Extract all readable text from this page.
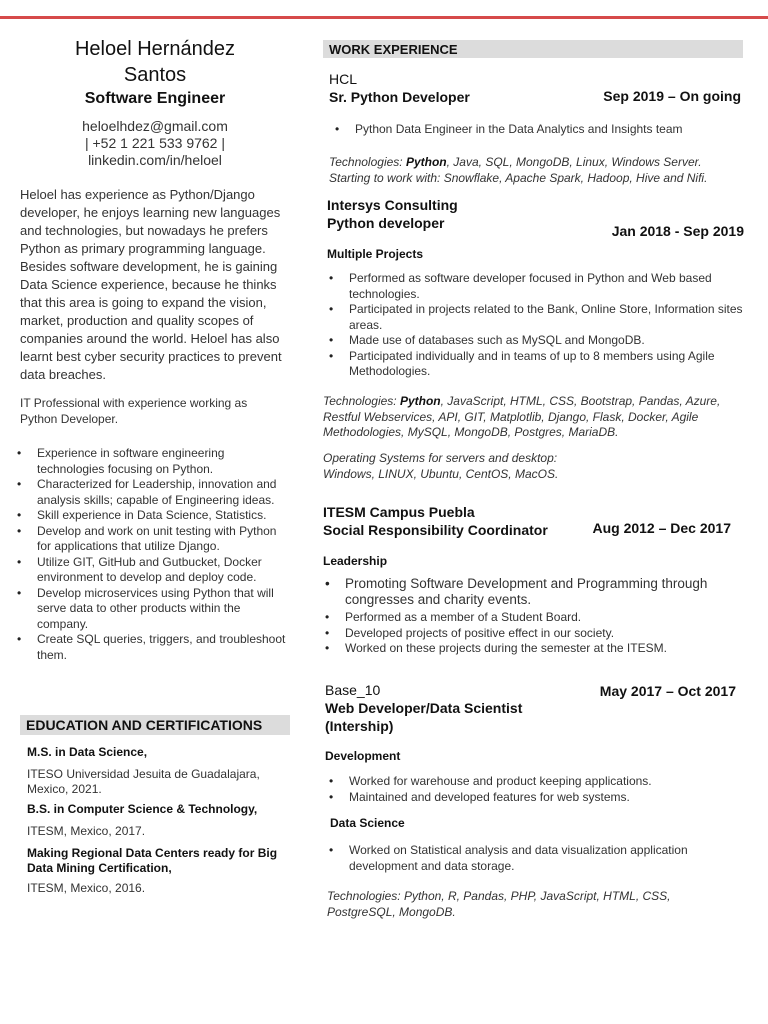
Heloel Hernández
Santos
Software Engineer
heloelhdez@gmail.com
| +52 1 221 533 9762 |
linkedin.com/in/heloel
Heloel has experience as Python/Django developer, he enjoys learning new languages and technologies, but nowadays he prefers Python as primary programming language. Besides software development, he is gaining Data Science experience, because he thinks that this area is going to expand the vision, market, production and quality scopes of companies around the world. Heloel has also learnt best cyber security practices to prevent data breaches.
IT Professional with experience working as Python Developer.
• Experience in software engineering technologies focusing on Python.
• Characterized for Leadership, innovation and analysis skills; capable of Engineering ideas.
• Skill experience in Data Science, Statistics.
• Develop and work on unit testing with Python for applications that utilize Django.
• Utilize GIT, GitHub and Gutbucket, Docker environment to develop and deploy code.
• Develop microservices using Python that will serve data to other products within the company.
• Create SQL queries, triggers, and troubleshoot them.
EDUCATION AND CERTIFICATIONS
M.S. in Data Science,
ITESO Universidad Jesuita de Guadalajara, Mexico, 2021.
B.S. in Computer Science & Technology,
ITESM, Mexico, 2017.
Making Regional Data Centers ready for Big Data Mining Certification,
ITESM, Mexico, 2016.
WORK EXPERIENCE
HCL
Sr. Python Developer	Sep 2019 – On going
• Python Data Engineer in the Data Analytics and Insights team
Technologies: Python, Java, SQL, MongoDB, Linux, Windows Server.
Starting to work with: Snowflake, Apache Spark, Hadoop, Hive and Nifi.
Intersys Consulting
Python developer	Jan 2018 - Sep 2019
Multiple Projects
• Performed as software developer focused in Python and Web based technologies.
• Participated in projects related to the Bank, Online Store, Information sites areas.
• Made use of databases such as MySQL and MongoDB.
• Participated individually and in teams of up to 8 members using Agile Methodologies.
Technologies: Python, JavaScript, HTML, CSS, Bootstrap, Pandas, Azure, Restful Webservices, API, GIT, Matplotlib, Django, Flask, Docker, Agile Methodologies, MySQL, MongoDB, Postgres, MariaDB.
Operating Systems for servers and desktop: Windows, LINUX, Ubuntu, CentOS, MacOS.
ITESM Campus Puebla
Social Responsibility Coordinator	Aug 2012 – Dec 2017
Leadership
• Promoting Software Development and Programming through congresses and charity events.
• Performed as a member of a Student Board.
• Developed projects of positive effect in our society.
• Worked on these projects during the semester at the ITESM.
Base_10
Web Developer/Data Scientist
(Intership)
May 2017 – Oct 2017
Development
• Worked for warehouse and product keeping applications.
• Maintained and developed features for web systems.
Data Science
• Worked on Statistical analysis and data visualization application development and data storage.
Technologies: Python, R, Pandas, PHP, JavaScript, HTML, CSS, PostgreSQL, MongoDB.
